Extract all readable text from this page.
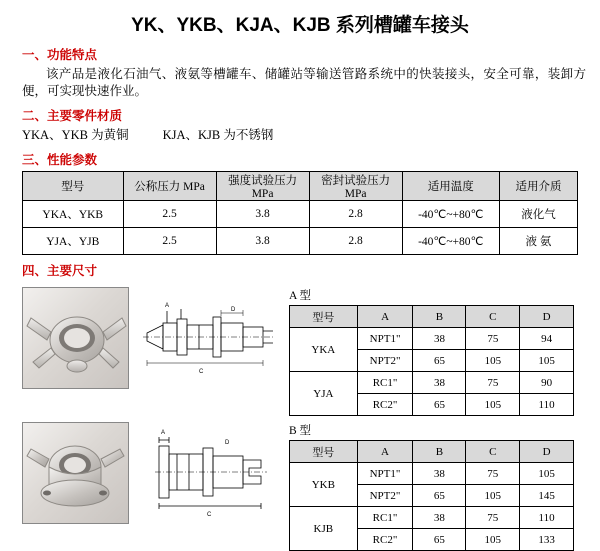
YK、YKB、KJA、KJB 系列槽罐车接头
一、功能特点
该产品是液化石油气、液氨等槽罐车、储罐站等输送管路系统中的快装接头，安全可靠，装卸方便，可实现快速作业。
二、主要零件材质
YKA、YKB 为黄铜	KJA、KJB 为不锈钢
三、性能参数
型号	公称压力 MPa	强度试验压力 MPa	密封试验压力 MPa	适用温度	适用介质
YKA、YKB	2.5	3.8	2.8	-40℃~+80℃	液化气
YJA、YJB	2.5	3.8	2.8	-40℃~+80℃	液 氨
四、主要尺寸
A
D
C
A 型
型号	A	B	C	D
YKA	NPT1"	38	75	94
	NPT2"	65	105	105
YJA	RC1"	38	75	90
	RC2"	65	105	110
A
D
C
B 型
型号	A	B	C	D
YKB	NPT1"	38	75	105
	NPT2"	65	105	145
KJB	RC1"	38	75	110
	RC2"	65	105	133
